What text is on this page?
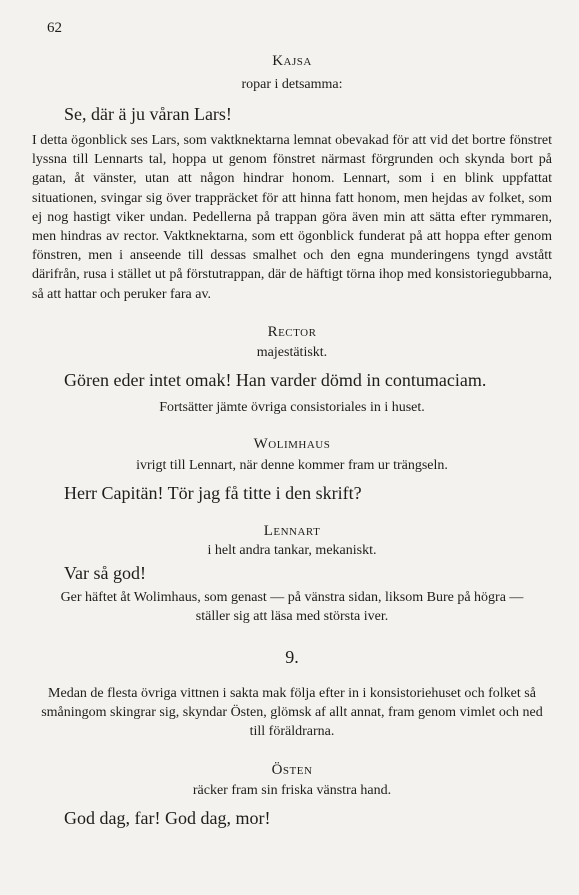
62

Kajsa

ropar i detsamma:

Se, där ä ju våran Lars!

I detta ögonblick ses Lars, som vaktknektarna lemnat obevakad för att vid det bortre fönstret lyssna till Lennarts tal, hoppa ut genom fönstret närmast förgrunden och skynda bort på gatan, åt vänster, utan att någon hindrar honom. Lennart, som i en blink uppfattat situationen, svingar sig över trappräcket för att hinna fatt honom, men hejdas av folket, som ej nog hastigt viker undan. Pedellerna på trappan göra även min att sätta efter rymmaren, men hindras av rector. Vaktknektarna, som ett ögonblick funderat på att hoppa efter genom fönstren, men i anseende till dessas smalhet och den egna munderingens tyngd avstått därifrån, rusa i stället ut på förstutrappan, där de häftigt törna ihop med konsistoriegubbarna, så att hattar och peruker fara av.

Rector

majestätiskt.

Gören eder intet omak! Han varder dömd in contumaciam.

Fortsätter jämte övriga consistoriales in i huset.

Wolimhaus

ivrigt till Lennart, när denne kommer fram ur trängseln.

Herr Capitän! Tör jag få titte i den skrift?

Lennart

i helt andra tankar, mekaniskt.

Var så god!

Ger häftet åt Wolimhaus, som genast — på vänstra sidan, liksom Bure på högra — ställer sig att läsa med största iver.

9.

Medan de flesta övriga vittnen i sakta mak följa efter in i konsistoriehuset och folket så småningom skingrar sig, skyndar Östen, glömsk af allt annat, fram genom vimlet och ned till föräldrarna.

Östen

räcker fram sin friska vänstra hand.

God dag, far! God dag, mor!
